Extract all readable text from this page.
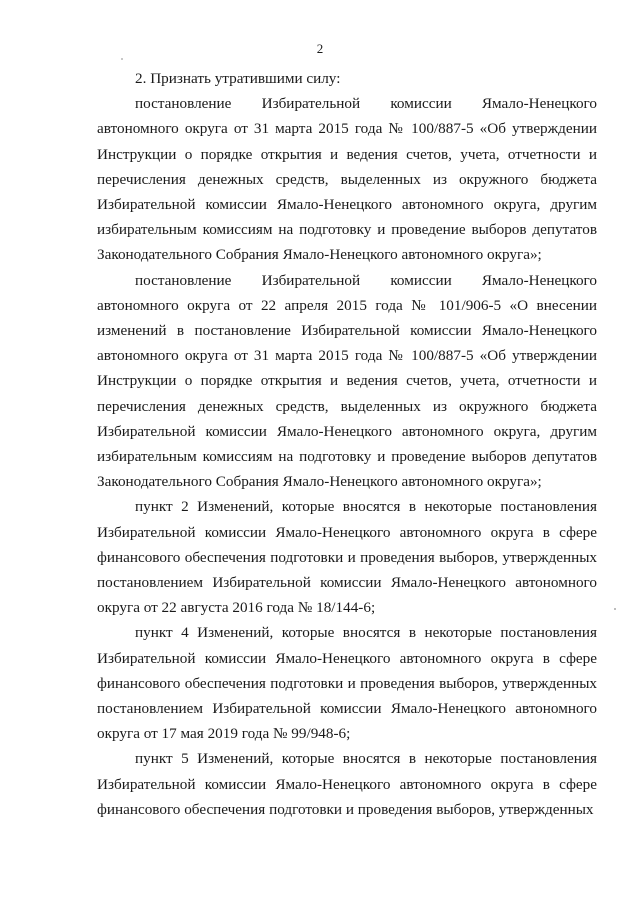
2

2. Признать утратившими силу:

постановление Избирательной комиссии Ямало-Ненецкого автономного округа от 31 марта 2015 года № 100/887-5 «Об утверждении Инструкции о порядке открытия и ведения счетов, учета, отчетности и перечисления денежных средств, выделенных из окружного бюджета Избирательной комиссии Ямало-Ненецкого автономного округа, другим избирательным комиссиям на подготовку и проведение выборов депутатов Законодательного Собрания Ямало-Ненецкого автономного округа»;

постановление Избирательной комиссии Ямало-Ненецкого автономного округа от 22 апреля 2015 года № 101/906-5 «О внесении изменений в постановление Избирательной комиссии Ямало-Ненецкого автономного округа от 31 марта 2015 года № 100/887-5 «Об утверждении Инструкции о порядке открытия и ведения счетов, учета, отчетности и перечисления денежных средств, выделенных из окружного бюджета Избирательной комиссии Ямало-Ненецкого автономного округа, другим избирательным комиссиям на подготовку и проведение выборов депутатов Законодательного Собрания Ямало-Ненецкого автономного округа»;

пункт 2 Изменений, которые вносятся в некоторые постановления Избирательной комиссии Ямало-Ненецкого автономного округа в сфере финансового обеспечения подготовки и проведения выборов, утвержденных постановлением Избирательной комиссии Ямало-Ненецкого автономного округа от 22 августа 2016 года № 18/144-6;

пункт 4 Изменений, которые вносятся в некоторые постановления Избирательной комиссии Ямало-Ненецкого автономного округа в сфере финансового обеспечения подготовки и проведения выборов, утвержденных постановлением Избирательной комиссии Ямало-Ненецкого автономного округа от 17 мая 2019 года № 99/948-6;

пункт 5 Изменений, которые вносятся в некоторые постановления Избирательной комиссии Ямало-Ненецкого автономного округа в сфере финансового обеспечения подготовки и проведения выборов, утвержденных
